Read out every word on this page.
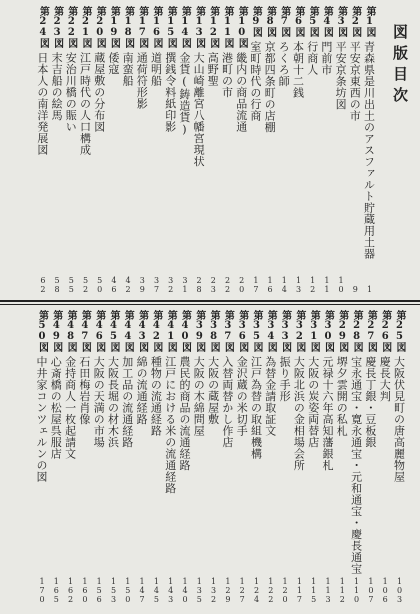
図版目次
第1図
青森県是川出土のアスファルト貯蔵用土器
1
第2図
平安京東西の市
9
第3図
平安京条坊図
10
第4図
門前市
11
第5図
行商人
12
第6図
本朝十二銭
13
第7図
ろくろ師
14
第8図
京都四条町の店棚
16
第9図
室町時代の行商
17
第10図
畿内の商品流通
20
第11図
港町の市
22
第12図
高野聖
23
第13図
大山崎離宮八幡宮現状
28
第14図
金貨(鋳造貨)
31
第15図
撰銭令料紙印影
32
第16図
道明船
37
第17図
通荷符形影
39
第18図
南蛮船
42
第19図
倭寇
46
第20図
蔵屋敷の分布図
50
第21図
江戸時代の人口構成
52
第22図
安治川橋の賑い
55
第23図
末吉船の絵馬
58
第24図
日本人の南洋発展図
62
第25図
大阪伏見町の唐高麗物屋
103
第26図
慶長大判
106
第27図
慶長丁銀・豆板銀
107
第28図
宝永通宝・寛永通宝・元和通宝・慶長通宝
110
第29図
堺夕雲開の私札
112
第30図
元禄十六年高知藩銀札
113
第31図
大阪の炭姿両替店
115
第32図
大阪北浜の金相場会所
117
第33図
振り手形
120
第34図
為替金請取証文
122
第35図
江戸為替の取組機構
124
第36図
金沢蔵の米切手
127
第37図
入替両替かし作店
129
第38図
大阪の蔵屋敷
132
第39図
大阪の木綿問屋
135
第40図
農民的商品の流通経路
140
第41図
江戸における米の流通経路
143
第42図
種物の流通経路
145
第43図
綿の流通経路
147
第44図
加工品の流通経路
150
第45図
大阪長堀の材木浜
153
第46図
大阪の天満の市場
156
第47図
石田梅岩肖像
160
第48図
金持商人一枚起請文
162
第49図
心斎橋の松屋呉服店
165
第50図
中井家コンツェルンの図
170
